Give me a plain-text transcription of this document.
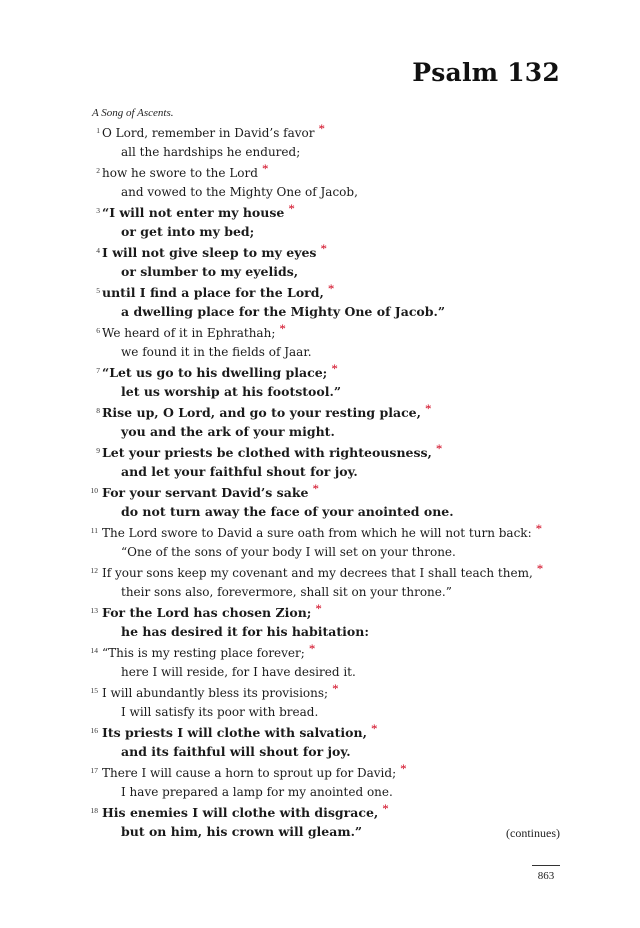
Psalm 132
A Song of Ascents.
1 O Lord, remember in David’s favor *
all the hardships he endured;
2 how he swore to the Lord *
and vowed to the Mighty One of Jacob,
3 “I will not enter my house *
or get into my bed;
4 I will not give sleep to my eyes *
or slumber to my eyelids,
5 until I find a place for the Lord, *
a dwelling place for the Mighty One of Jacob.”
6 We heard of it in Ephrathah; *
we found it in the fields of Jaar.
7 “Let us go to his dwelling place; *
let us worship at his footstool.”
8 Rise up, O Lord, and go to your resting place, *
you and the ark of your might.
9 Let your priests be clothed with righteousness, *
and let your faithful shout for joy.
10 For your servant David’s sake *
do not turn away the face of your anointed one.
11 The Lord swore to David a sure oath from which he will not turn back: *
“One of the sons of your body I will set on your throne.
12 If your sons keep my covenant and my decrees that I shall teach them, *
their sons also, forevermore, shall sit on your throne.”
13 For the Lord has chosen Zion; *
he has desired it for his habitation:
14 “This is my resting place forever; *
here I will reside, for I have desired it.
15 I will abundantly bless its provisions; *
I will satisfy its poor with bread.
16 Its priests I will clothe with salvation, *
and its faithful will shout for joy.
17 There I will cause a horn to sprout up for David; *
I have prepared a lamp for my anointed one.
18 His enemies I will clothe with disgrace, *
but on him, his crown will gleam.”	(continues)
863
